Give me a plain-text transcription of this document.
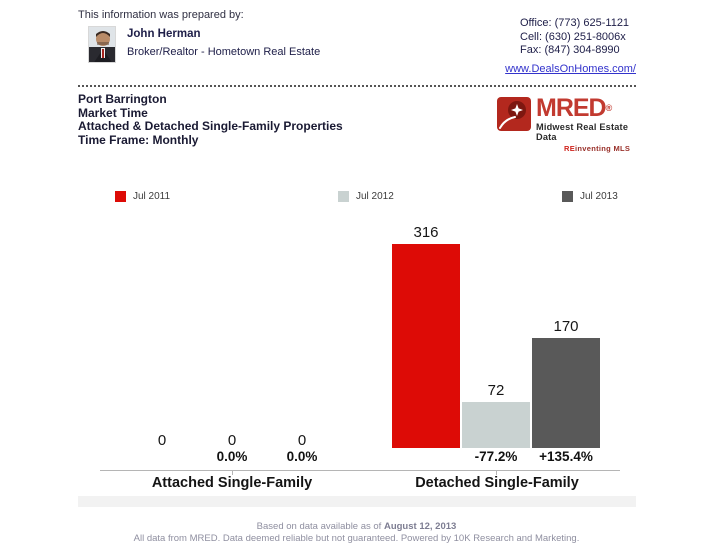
This information was prepared by:
John Herman
Broker/Realtor - Hometown Real Estate
Office: (773) 625-1121
Cell: (630) 251-8006x
Fax: (847) 304-8990
www.DealsOnHomes.com/
Port Barrington
Market Time
Attached & Detached Single-Family Properties
Time Frame: Monthly
MRED®
Midwest Real Estate Data
REinventing MLS
Jul 2011	Jul 2012	Jul 2013
Attached Single-Family	Detached Single-Family
0
316
0
0.0%
72
-77.2%
0
0.0%
170
+135.4%
Based on data available as of August 12, 2013
All data from MRED. Data deemed reliable but not guaranteed. Powered by 10K Research and Marketing.
